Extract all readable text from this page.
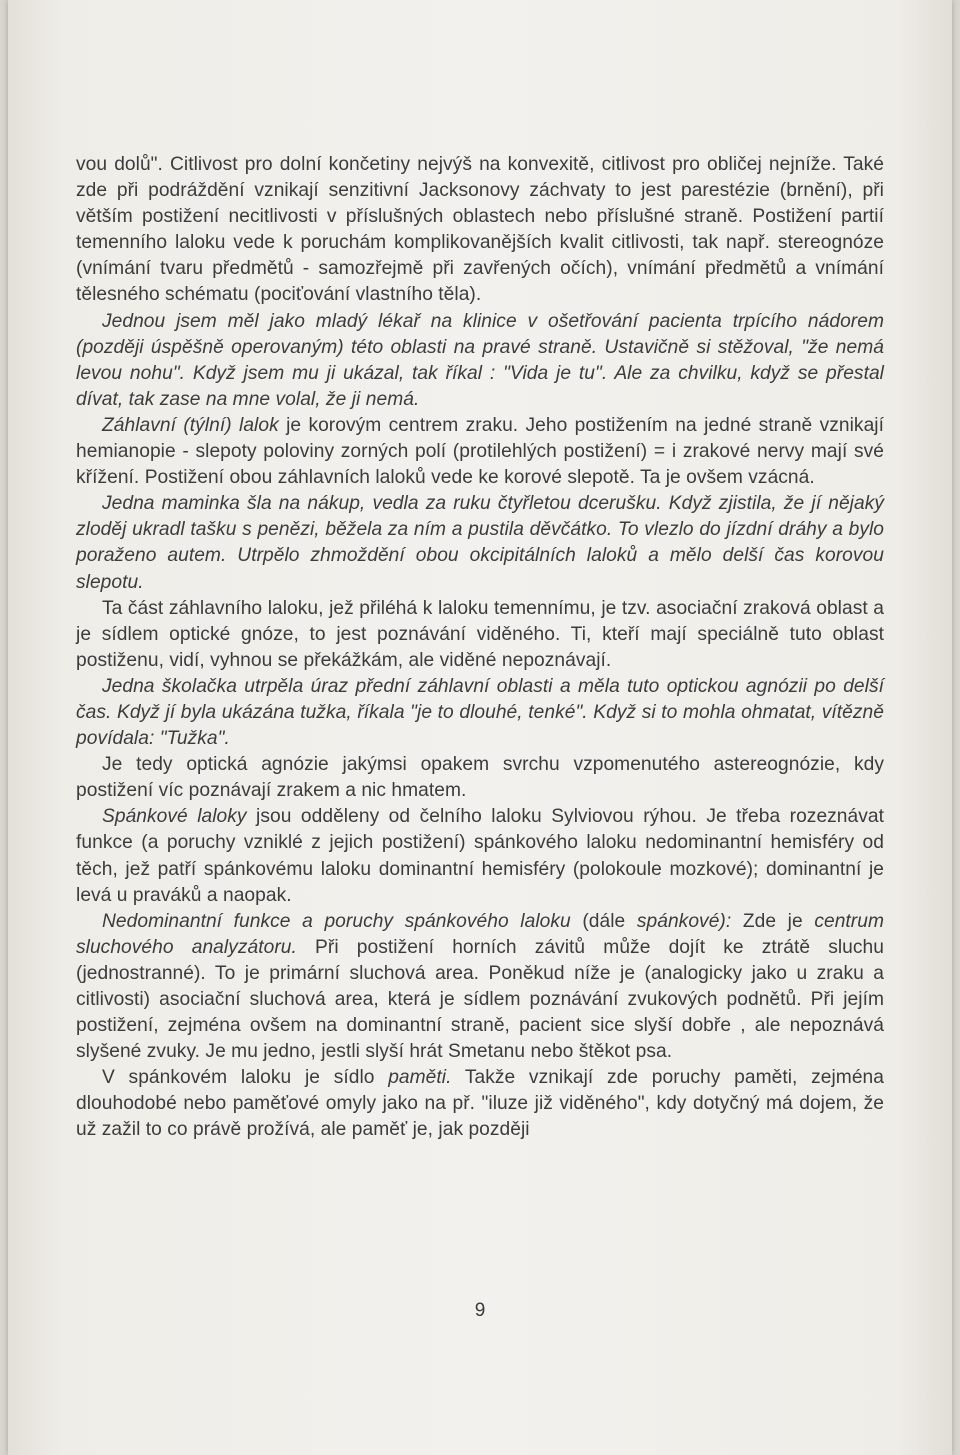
vou dolů". Citlivost pro dolní končetiny nejvýš na konvexitě, citlivost pro obličej nejníže. Také zde při podráždění vznikají senzitivní Jacksonovy záchvaty to jest parestézie (brnění), při větším postižení necitlivosti v příslušných oblastech nebo příslušné straně. Postižení partií temenního laloku vede k poruchám komplikovanějších kvalit citlivosti, tak např. stereognóze (vnímání tvaru předmětů - samozřejmě při zavřených očích), vnímání předmětů a vnímání tělesného schématu (pociťování vlastního těla).

Jednou jsem měl jako mladý lékař na klinice v ošetřování pacienta trpícího nádorem (později úspěšně operovaným) této oblasti na pravé straně. Ustavičně si stěžoval, "že nemá levou nohu". Když jsem mu ji ukázal, tak říkal : "Vida je tu". Ale za chvilku, když se přestal dívat, tak zase na mne volal, že ji nemá.

Záhlavní (týlní) lalok je korovým centrem zraku. Jeho postižením na jedné straně vznikají hemianopie - slepoty poloviny zorných polí (protilehlých postižení) = i zrakové nervy mají své křížení. Postižení obou záhlavních laloků vede ke korové slepotě. Ta je ovšem vzácná.

Jedna maminka šla na nákup, vedla za ruku čtyřletou dcerušku. Když zjistila, že jí nějaký zloděj ukradl tašku s penězi, běžela za ním a pustila děvčátko. To vlezlo do jízdní dráhy a bylo poraženo autem. Utrpělo zhmoždění obou okcipitálních laloků a mělo delší čas korovou slepotu.

Ta část záhlavního laloku, jež přiléhá k laloku temennímu, je tzv. asociační zraková oblast a je sídlem optické gnóze, to jest poznávání viděného. Ti, kteří mají speciálně tuto oblast postiženu, vidí, vyhnou se překážkám, ale viděné nepoznávají.

Jedna školačka utrpěla úraz přední záhlavní oblasti a měla tuto optickou agnózii po delší čas. Když jí byla ukázána tužka, říkala "je to dlouhé, tenké". Když si to mohla ohmatat, vítězně povídala: "Tužka".

Je tedy optická agnózie jakýmsi opakem svrchu vzpomenutého astereognózie, kdy postižení víc poznávají zrakem a nic hmatem.

Spánkové laloky jsou odděleny od čelního laloku Sylviovou rýhou. Je třeba rozeznávat funkce (a poruchy vzniklé z jejich postižení) spánkového laloku nedominantní hemisféry od těch, jež patří spánkovému laloku dominantní hemisféry (polokoule mozkové); dominantní je levá u praváků a naopak.

Nedominantní funkce a poruchy spánkového laloku (dále spánkové): Zde je centrum sluchového analyzátoru. Při postižení horních závitů může dojít ke ztrátě sluchu (jednostranné). To je primární sluchová area. Poněkud níže je (analogicky jako u zraku a citlivosti) asociační sluchová area, která je sídlem poznávání zvukových podnětů. Při jejím postižení, zejména ovšem na dominantní straně, pacient sice slyší dobře , ale nepoznává slyšené zvuky. Je mu jedno, jestli slyší hrát Smetanu nebo štěkot psa.

V spánkovém laloku je sídlo paměti. Takže vznikají zde poruchy paměti, zejména dlouhodobé nebo paměťové omyly jako na př. "iluze již viděného", kdy dotyčný má dojem, že už zažil to co právě prožívá, ale paměť je, jak později

9
